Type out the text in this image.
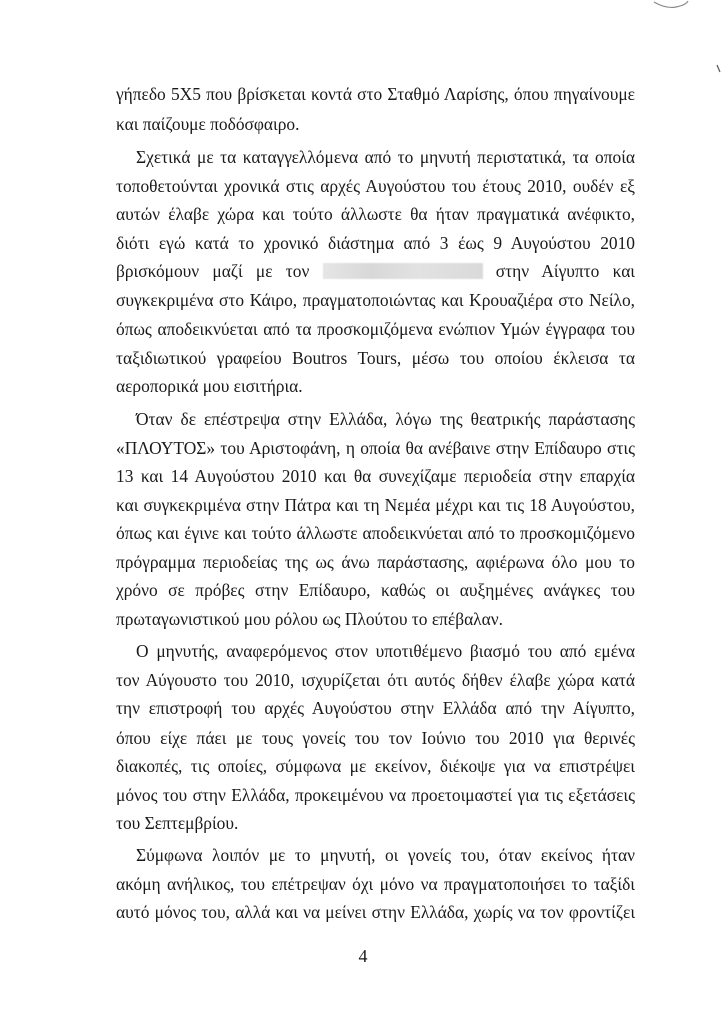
γήπεδο 5Χ5 που βρίσκεται κοντά στο Σταθμό Λαρίσης, όπου πηγαίνουμε
και παίζουμε ποδόσφαιρο.
Σχετικά με τα καταγγελλόμενα από το μηνυτή περιστατικά, τα οποία
τοποθετούνται χρονικά στις αρχές Αυγούστου του έτους 2010, ουδέν εξ
αυτών έλαβε χώρα και τούτο άλλωστε θα ήταν πραγματικά ανέφικτο,
διότι εγώ κατά το χρονικό διάστημα από 3 έως 9 Αυγούστου 2010
βρισκόμουν μαζί με τον	στην Αίγυπτο και
συγκεκριμένα στο Κάιρο, πραγματοποιώντας και Κρουαζιέρα στο Νείλο,
όπως αποδεικνύεται από τα προσκομιζόμενα ενώπιον Υμών έγγραφα του
ταξιδιωτικού γραφείου Boutros Tours, μέσω του οποίου έκλεισα τα
αεροπορικά μου εισιτήρια.
Όταν δε επέστρεψα στην Ελλάδα, λόγω της θεατρικής παράστασης
«ΠΛΟΥΤΟΣ» του Αριστοφάνη, η οποία θα ανέβαινε στην Επίδαυρο στις
13 και 14 Αυγούστου 2010 και θα συνεχίζαμε περιοδεία στην επαρχία
και συγκεκριμένα στην Πάτρα και τη Νεμέα μέχρι και τις 18 Αυγούστου,
όπως και έγινε και τούτο άλλωστε αποδεικνύεται από το προσκομιζόμενο
πρόγραμμα περιοδείας της ως άνω παράστασης, αφιέρωνα όλο μου το
χρόνο σε πρόβες στην Επίδαυρο, καθώς οι αυξημένες ανάγκες του
πρωταγωνιστικού μου ρόλου ως Πλούτου το επέβαλαν.
Ο μηνυτής, αναφερόμενος στον υποτιθέμενο βιασμό του από εμένα
τον Αύγουστο του 2010, ισχυρίζεται ότι αυτός δήθεν έλαβε χώρα κατά
την επιστροφή του αρχές Αυγούστου στην Ελλάδα από την Αίγυπτο,
όπου είχε πάει με τους γονείς του τον Ιούνιο του 2010 για θερινές
διακοπές, τις οποίες, σύμφωνα με εκείνον, διέκοψε για να επιστρέψει
μόνος του στην Ελλάδα, προκειμένου να προετοιμαστεί για τις εξετάσεις
του Σεπτεμβρίου.
Σύμφωνα λοιπόν με το μηνυτή, οι γονείς του, όταν εκείνος ήταν
ακόμη ανήλικος, του επέτρεψαν όχι μόνο να πραγματοποιήσει το ταξίδι
αυτό μόνος του, αλλά και να μείνει στην Ελλάδα, χωρίς να τον φροντίζει
4
